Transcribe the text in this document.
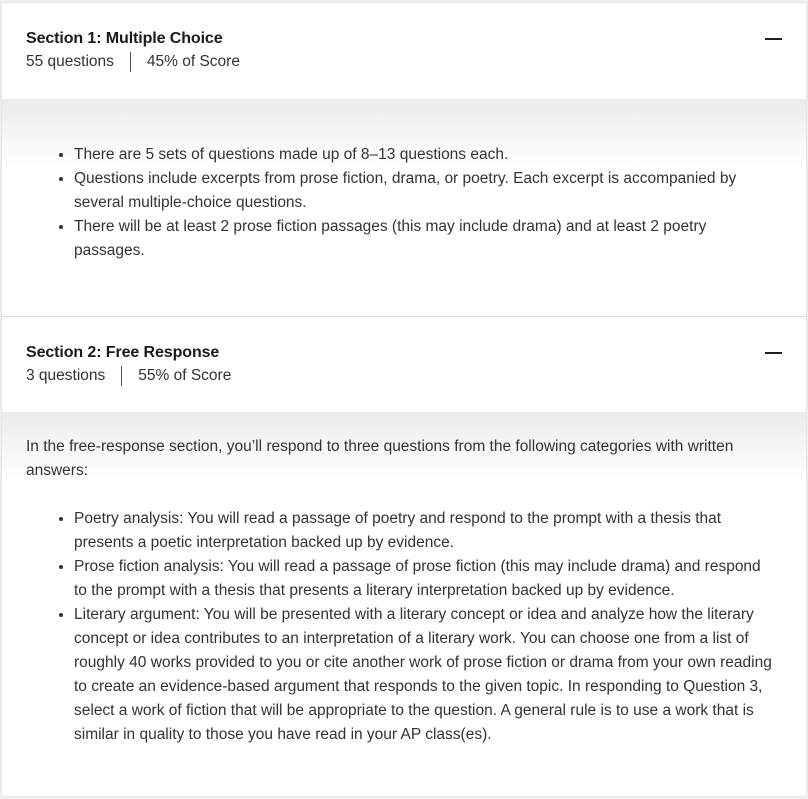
Section 1: Multiple Choice
55 questions 45% of Score
• There are 5 sets of questions made up of 8–13 questions each.
• Questions include excerpts from prose fiction, drama, or poetry. Each excerpt is accompanied by several multiple-choice questions.
• There will be at least 2 prose fiction passages (this may include drama) and at least 2 poetry passages.
Section 2: Free Response
3 questions 55% of Score

In the free-response section, you’ll respond to three questions from the following categories with written answers:

• Poetry analysis: You will read a passage of poetry and respond to the prompt with a thesis that presents a poetic interpretation backed up by evidence.
• Prose fiction analysis: You will read a passage of prose fiction (this may include drama) and respond to the prompt with a thesis that presents a literary interpretation backed up by evidence.
• Literary argument: You will be presented with a literary concept or idea and analyze how the literary concept or idea contributes to an interpretation of a literary work. You can choose one from a list of roughly 40 works provided to you or cite another work of prose fiction or drama from your own reading to create an evidence-based argument that responds to the given topic. In responding to Question 3, select a work of fiction that will be appropriate to the question. A general rule is to use a work that is similar in quality to those you have read in your AP class(es).
